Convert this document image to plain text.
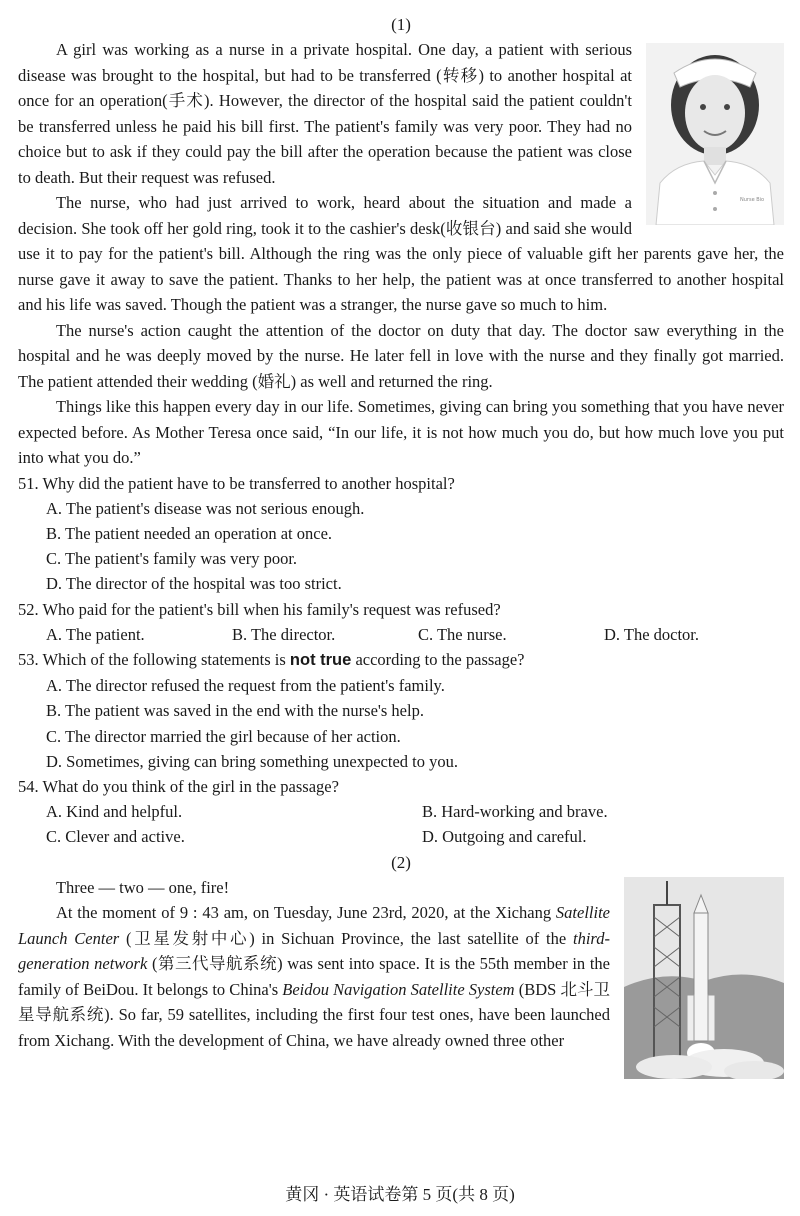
(1)
Nurse Bio

A girl was working as a nurse in a private hospital. One day, a patient with serious disease was brought to the hospital, but had to be transferred (转移) to another hospital at once for an operation(手术). However, the director of the hospital said the patient couldn't be transferred unless he paid his bill first. The patient's family was very poor. They had no choice but to ask if they could pay the bill after the operation because the patient was close to death. But their request was refused.

The nurse, who had just arrived to work, heard about the situation and made a decision. She took off her gold ring, took it to the cashier's desk(收银台) and said she would use it to pay for the patient's bill. Although the ring was the only piece of valuable gift her parents gave her, the nurse gave it away to save the patient. Thanks to her help, the patient was at once transferred to another hospital and his life was saved. Though the patient was a stranger, the nurse gave so much to him.

The nurse's action caught the attention of the doctor on duty that day. The doctor saw everything in the hospital and he was deeply moved by the nurse. He later fell in love with the nurse and they finally got married. The patient attended their wedding (婚礼) as well and returned the ring.

Things like this happen every day in our life. Sometimes, giving can bring you something that you have never expected before. As Mother Teresa once said, “In our life, it is not how much you do, but how much love you put into what you do.”

51. Why did the patient have to be transferred to another hospital?

A. The patient's disease was not serious enough.

B. The patient needed an operation at once.

C. The patient's family was very poor.

D. The director of the hospital was too strict.

52. Who paid for the patient's bill when his family's request was refused?

A. The patient.	B. The director.	C. The nurse.	D. The doctor.

53. Which of the following statements is not true according to the passage?

A. The director refused the request from the patient's family.

B. The patient was saved in the end with the nurse's help.

C. The director married the girl because of her action.

D. Sometimes, giving can bring something unexpected to you.

54. What do you think of the girl in the passage?

A. Kind and helpful.	B. Hard-working and brave.
C. Clever and active.	D. Outgoing and careful.
(2)

Three — two — one, fire!

At the moment of 9 : 43 am, on Tuesday, June 23rd, 2020, at the Xichang Satellite Launch Center (卫星发射中心) in Sichuan Province, the last satellite of the third-generation network (第三代导航系统) was sent into space. It is the 55th member in the family of BeiDou. It belongs to China's Beidou Navigation Satellite System (BDS 北斗卫星导航系统). So far, 59 satellites, including the first four test ones, have been launched from Xichang. With the development of China, we have already owned three other

黄冈 · 英语试卷第 5 页(共 8 页)
